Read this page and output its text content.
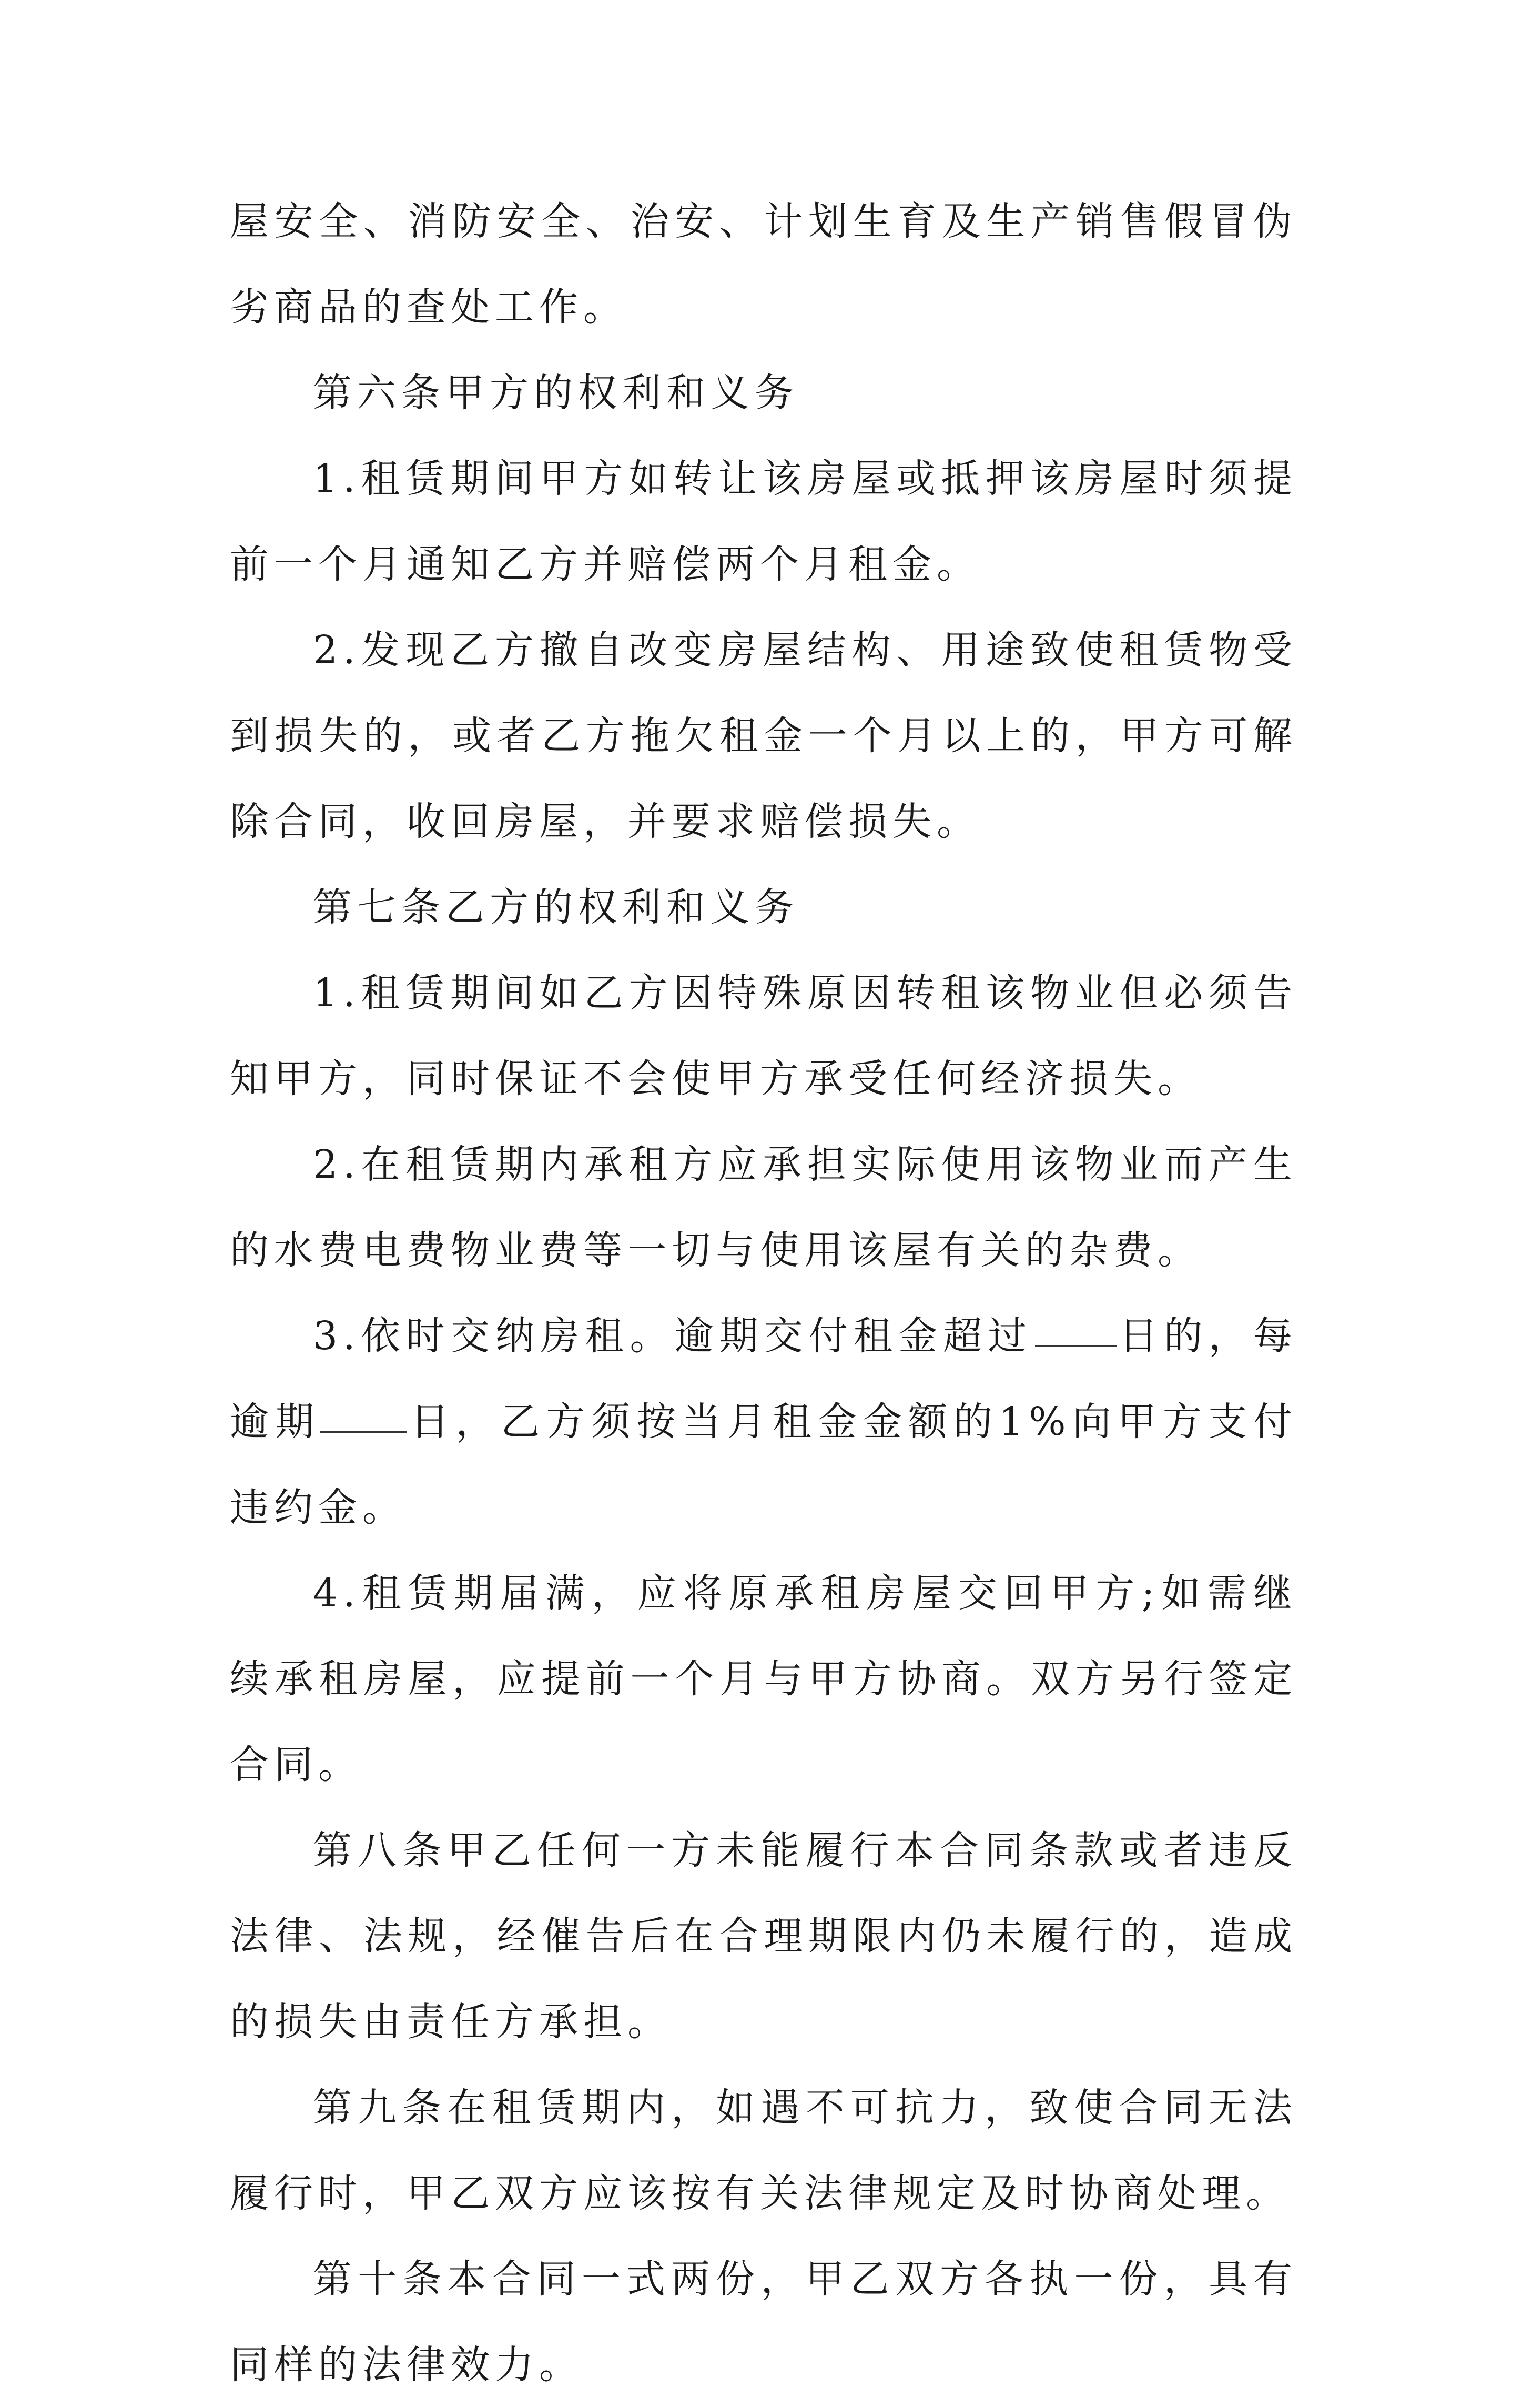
屋安全、消防安全、治安、计划生育及生产销售假冒伪劣商品的查处工作。

第六条甲方的权利和义务

1.租赁期间甲方如转让该房屋或抵押该房屋时须提前一个月通知乙方并赔偿两个月租金。

2.发现乙方撤自改变房屋结构、用途致使租赁物受到损失的，或者乙方拖欠租金一个月以上的，甲方可解除合同，收回房屋，并要求赔偿损失。

第七条乙方的权利和义务

1.租赁期间如乙方因特殊原因转租该物业但必须告知甲方，同时保证不会使甲方承受任何经济损失。

2.在租赁期内承租方应承担实际使用该物业而产生的水费电费物业费等一切与使用该屋有关的杂费。

3.依时交纳房租。逾期交付租金超过 日的，每逾期 日，乙方须按当月租金金额的1%向甲方支付违约金。

4.租赁期届满，应将原承租房屋交回甲方;如需继续承租房屋，应提前一个月与甲方协商。双方另行签定合同。

第八条甲乙任何一方未能履行本合同条款或者违反法律、法规，经催告后在合理期限内仍未履行的，造成的损失由责任方承担。

第九条在租赁期内，如遇不可抗力，致使合同无法履行时，甲乙双方应该按有关法律规定及时协商处理。

第十条本合同一式两份，甲乙双方各执一份，具有同样的法律效力。
